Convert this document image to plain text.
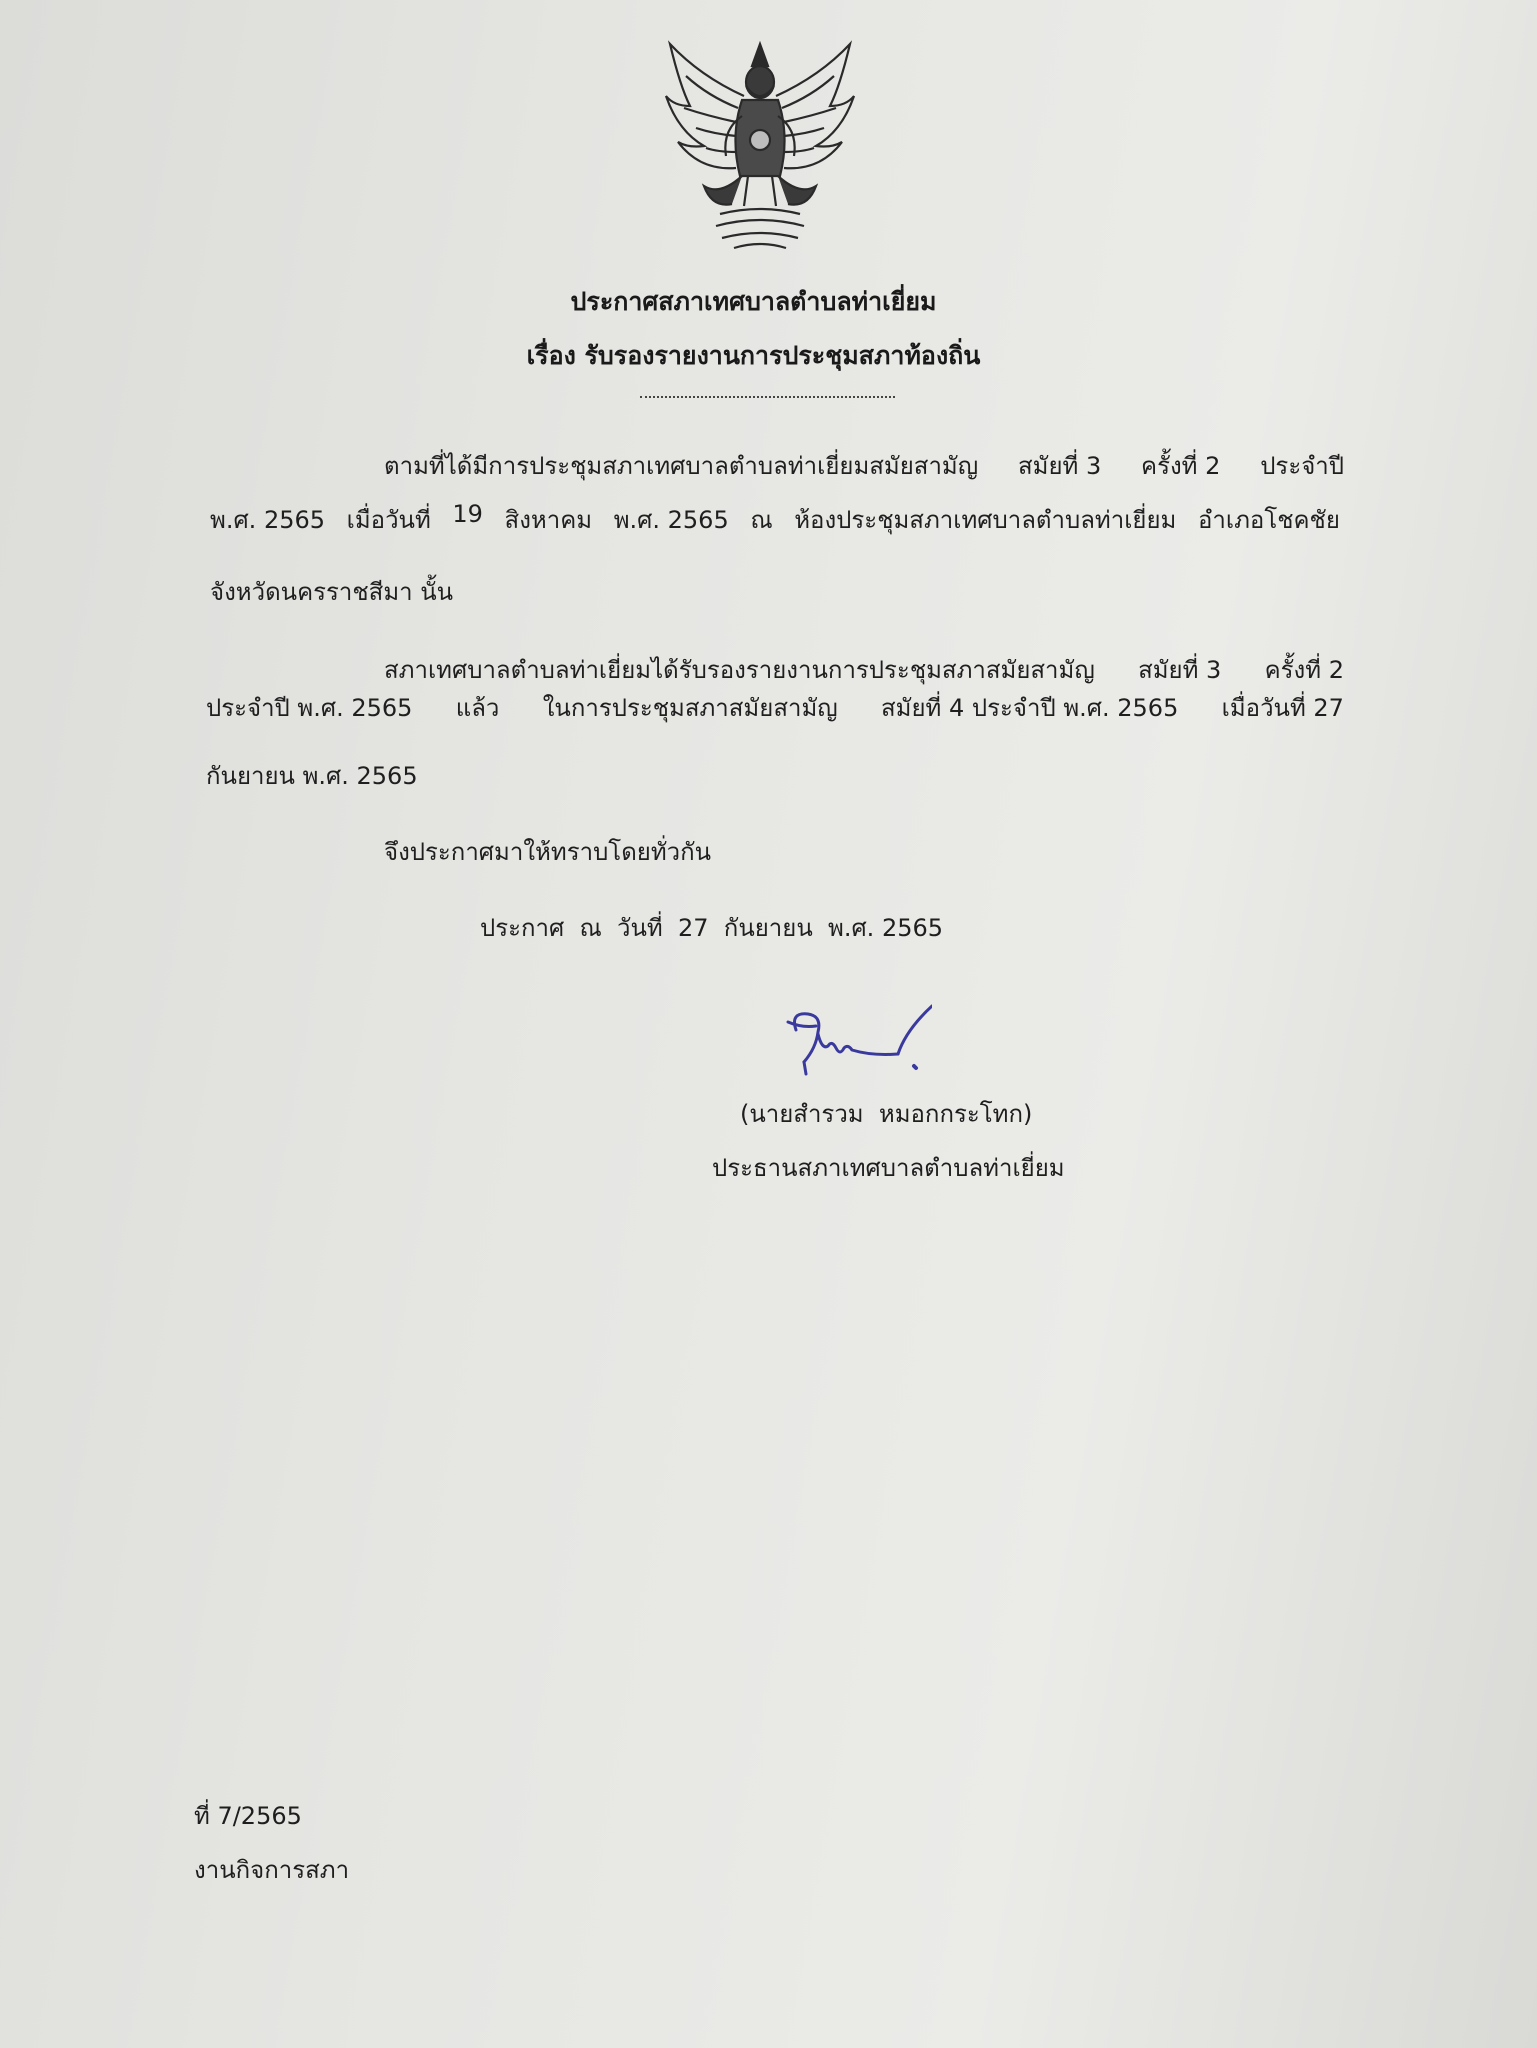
ประกาศสภาเทศบาลตำบลท่าเยี่ยม
เรื่อง รับรองรายงานการประชุมสภาท้องถิ่น
ตามที่ได้มีการประชุมสภาเทศบาลตำบลท่าเยี่ยมสมัยสามัญ สมัยที่ 3 ครั้งที่ 2 ประจำปี
พ.ศ. 2565 เมื่อวันที่ 19 สิงหาคม พ.ศ. 2565 ณ ห้องประชุมสภาเทศบาลตำบลท่าเยี่ยม อำเภอโชคชัย
จังหวัดนครราชสีมา นั้น
สภาเทศบาลตำบลท่าเยี่ยมได้รับรองรายงานการประชุมสภาสมัยสามัญ สมัยที่ 3 ครั้งที่ 2
ประจำปี พ.ศ. 2565 แล้ว ในการประชุมสภาสมัยสามัญ สมัยที่ 4 ประจำปี พ.ศ. 2565 เมื่อวันที่ 27
กันยายน พ.ศ. 2565
จึงประกาศมาให้ทราบโดยทั่วกัน
ประกาศ  ณ  วันที่  27  กันยายน  พ.ศ. 2565
(นายสำรวม  หมอกกระโทก)
ประธานสภาเทศบาลตำบลท่าเยี่ยม
ที่ 7/2565
งานกิจการสภา
